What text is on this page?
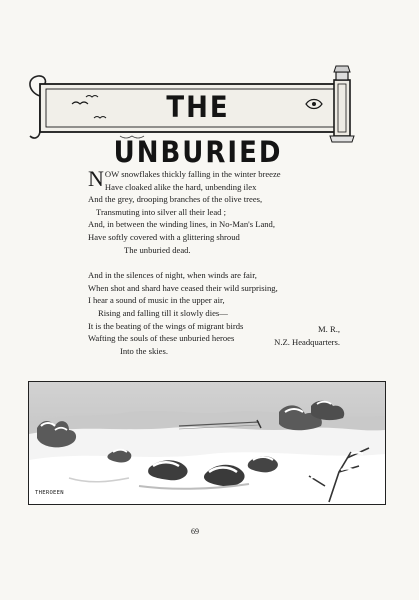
THE UNBURIED
N OW snowflakes thickly falling in the winter breeze
Have cloaked alike the hard, unbending ilex
And the grey, drooping branches of the olive trees,
Transmuting into silver all their lead ;
And, in between the winding lines, in No-Man's Land,
Have softly covered with a glittering shroud
The unburied dead.
And in the silences of night, when winds are fair,
When shot and shard have ceased their wild surprising,
I hear a sound of music in the upper air,
Rising and falling till it slowly dies—
It is the beating of the wings of migrant birds
Wafting the souls of these unburied heroes
Into the skies.
M. R.,
N.Z. Headquarters.
THEROEEN
69
